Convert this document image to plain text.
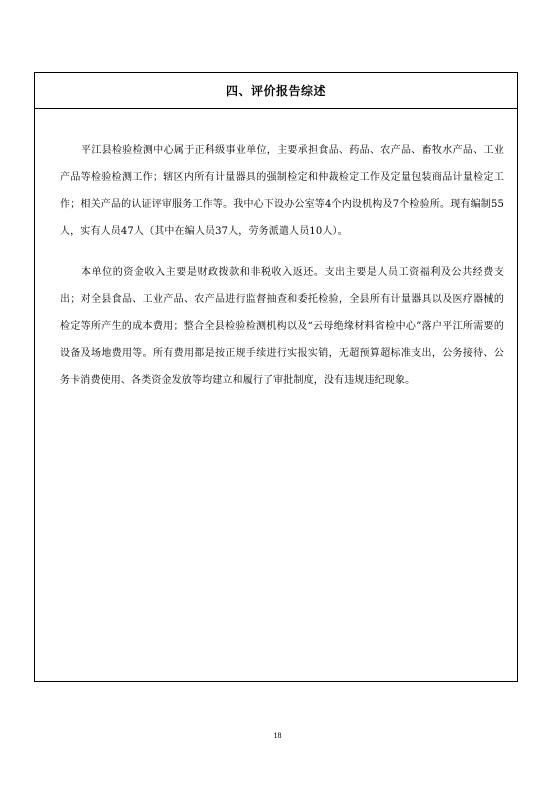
四、评价报告综述

平江县检验检测中心属于正科级事业单位，主要承担食品、药品、农产品、畜牧水产品、工业产品等检验检测工作；辖区内所有计量器具的强制检定和仲裁检定工作及定量包装商品计量检定工作；相关产品的认证评审服务工作等。我中心下设办公室等4个内设机构及7个检验所。现有编制55人，实有人员47人（其中在编人员37人，劳务派遣人员10人）。

本单位的资金收入主要是财政拨款和非税收入返还。支出主要是人员工资福利及公共经费支出；对全县食品、工业产品、农产品进行监督抽查和委托检验，全县所有计量器具以及医疗器械的检定等所产生的成本费用；整合全县检验检测机构以及“云母绝缘材料省检中心”落户平江所需要的设备及场地费用等。所有费用都是按正规手续进行实报实销，无超预算超标准支出，公务接待、公务卡消费使用、各类资金发放等均建立和履行了审批制度，没有违规违纪现象。

18
